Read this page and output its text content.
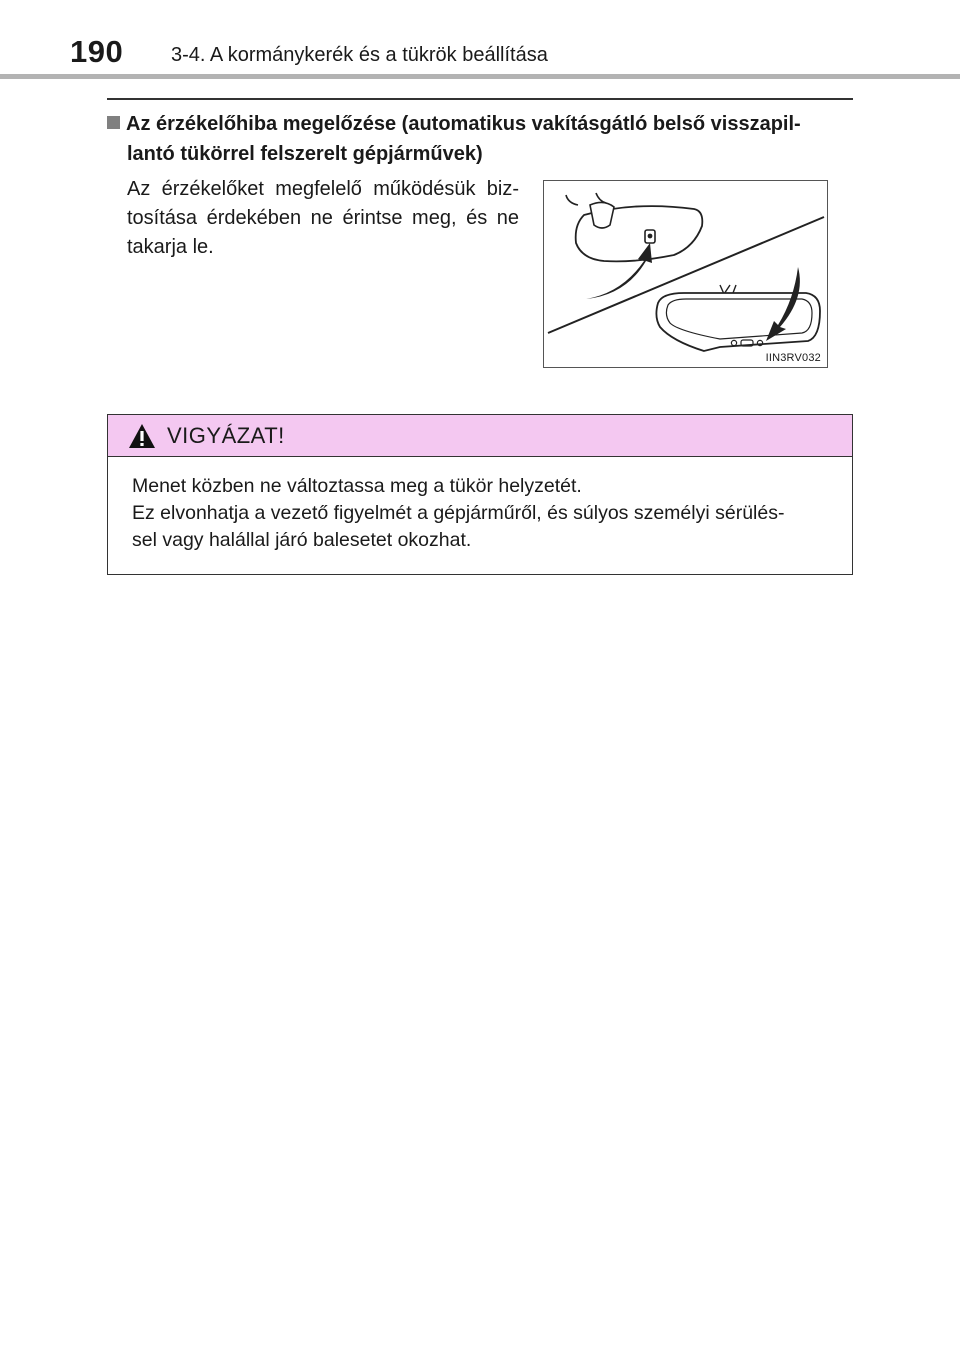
190 3-4. A kormánykerék és a tükrök beállítása
Az érzékelőhiba megelőzése (automatikus vakításgátló belső visszapil-
lantó tükörrel felszerelt gépjárművek)
Az érzékelőket megfelelő működésük biz-tosítása érdekében ne érintse meg, és ne takarja le.
IIN3RV032
VIGYÁZAT!

Menet közben ne változtassa meg a tükör helyzetét.

Ez elvonhatja a vezető figyelmét a gépjárműről, és súlyos személyi sérülés-

sel vagy halállal járó balesetet okozhat.
